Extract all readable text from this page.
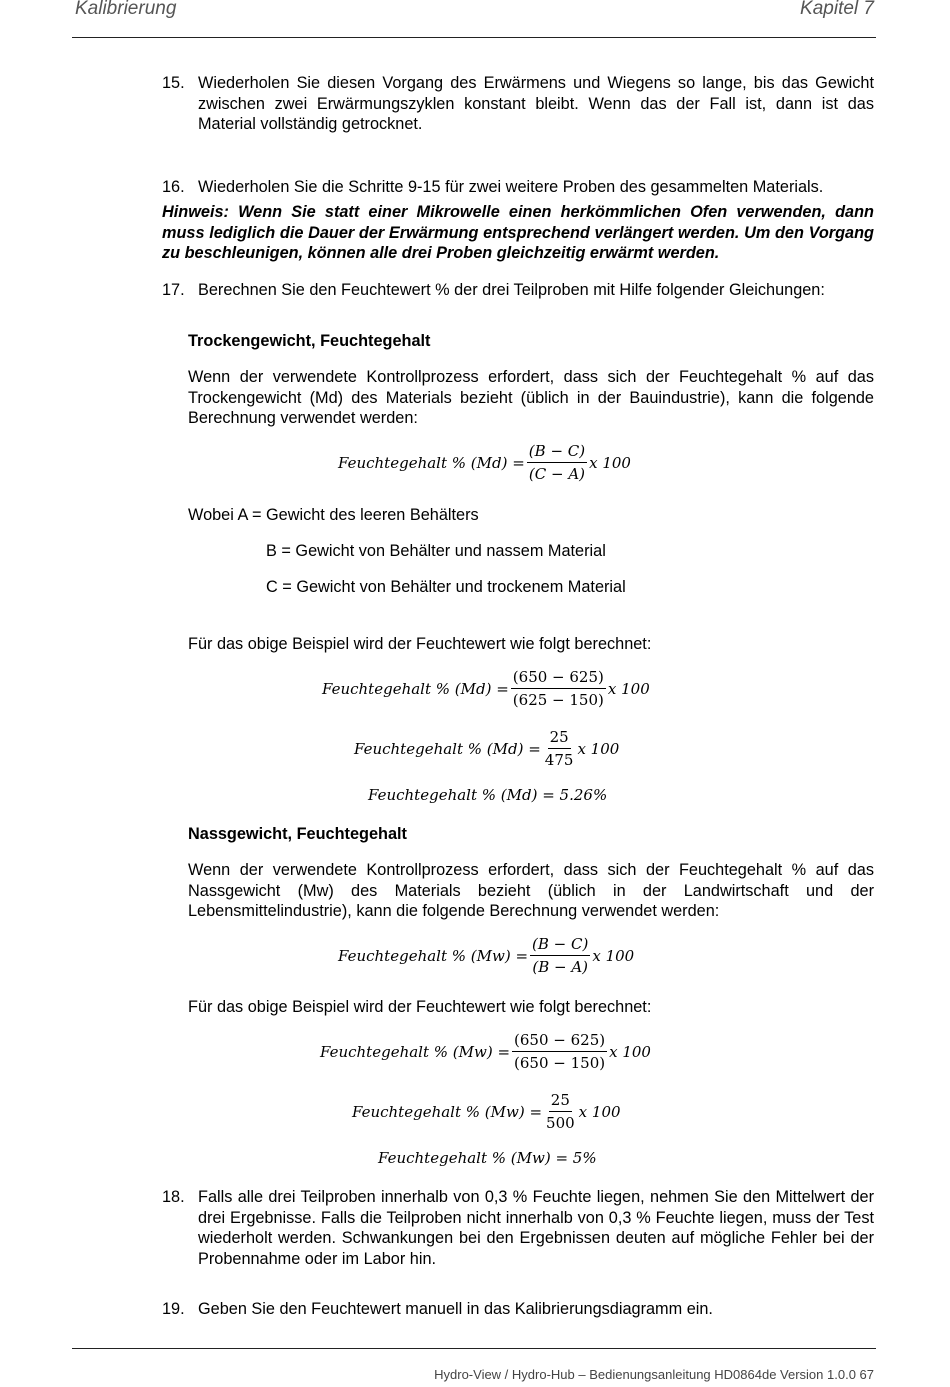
Kalibrierung	Kapitel 7
15. Wiederholen Sie diesen Vorgang des Erwärmens und Wiegens so lange, bis das Gewicht zwischen zwei Erwärmungszyklen konstant bleibt. Wenn das der Fall ist, dann ist das Material vollständig getrocknet.
16. Wiederholen Sie die Schritte 9-15 für zwei weitere Proben des gesammelten Materials.
Hinweis: Wenn Sie statt einer Mikrowelle einen herkömmlichen Ofen verwenden, dann muss lediglich die Dauer der Erwärmung entsprechend verlängert werden. Um den Vorgang zu beschleunigen, können alle drei Proben gleichzeitig erwärmt werden.
17. Berechnen Sie den Feuchtewert % der drei Teilproben mit Hilfe folgender Gleichungen:
Trockengewicht, Feuchtegehalt
Wenn der verwendete Kontrollprozess erfordert, dass sich der Feuchtegehalt % auf das Trockengewicht (Md) des Materials bezieht (üblich in der Bauindustrie), kann die folgende Berechnung verwendet werden:
Feuchtegehalt % $(Md) = \frac{(B - C)}{(C - A)}$ x 100
Wobei A = Gewicht des leeren Behälters
B = Gewicht von Behälter und nassem Material
C = Gewicht von Behälter und trockenem Material
Für das obige Beispiel wird der Feuchtewert wie folgt berechnet:
Feuchtegehalt % $(Md) = \frac{(650 - 625)}{(625 - 150)}$ x 100
Feuchtegehalt % $(Md) = \frac{25}{475}$ x 100
Feuchtegehalt % (Md) = 5.26%
Nassgewicht, Feuchtegehalt
Wenn der verwendete Kontrollprozess erfordert, dass sich der Feuchtegehalt % auf das Nassgewicht (Mw) des Materials bezieht (üblich in der Landwirtschaft und der Lebensmittelindustrie), kann die folgende Berechnung verwendet werden:
Feuchtegehalt % $(Mw) = \frac{(B - C)}{(B - A)}$ x 100
Für das obige Beispiel wird der Feuchtewert wie folgt berechnet:
Feuchtegehalt % $(Mw) = \frac{(650 - 625)}{(650 - 150)}$ x 100
Feuchtegehalt % $(Mw) = \frac{25}{500}$ x 100
Feuchtegehalt % (Mw) = 5%
18. Falls alle drei Teilproben innerhalb von 0,3 % Feuchte liegen, nehmen Sie den Mittelwert der drei Ergebnisse. Falls die Teilproben nicht innerhalb von 0,3 % Feuchte liegen, muss der Test wiederholt werden. Schwankungen bei den Ergebnissen deuten auf mögliche Fehler bei der Probennahme oder im Labor hin.
19. Geben Sie den Feuchtewert manuell in das Kalibrierungsdiagramm ein.
Hydro-View / Hydro-Hub – Bedienungsanleitung HD0864de Version 1.0.0 67
